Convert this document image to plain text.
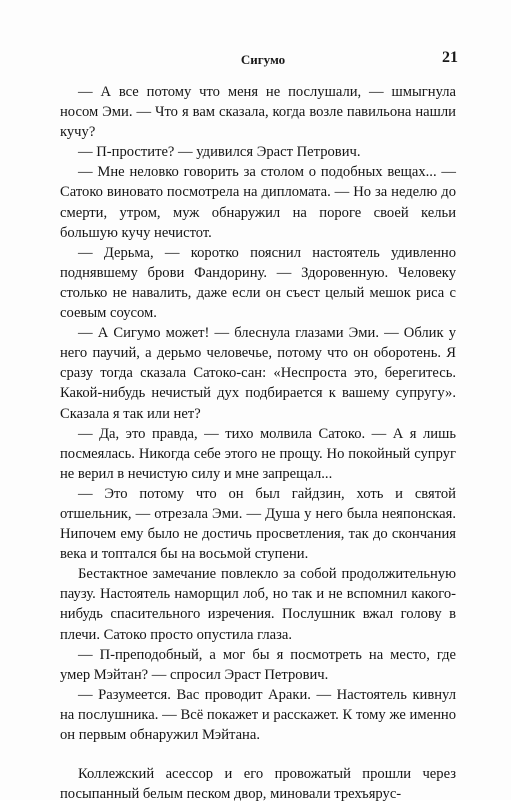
Сигумо	21

— А все потому что меня не послушали, — шмыгнула носом Эми. — Что я вам сказала, когда возле павильона нашли кучу?

— П-простите? — удивился Эраст Петрович.

— Мне неловко говорить за столом о подобных вещах... — Сатоко виновато посмотрела на дипломата. — Но за неделю до смерти, утром, муж обнаружил на пороге своей кельи большую кучу нечистот.

— Дерьма, — коротко пояснил настоятель удивленно поднявшему брови Фандорину. — Здоровенную. Человеку столько не навалить, даже если он съест целый мешок риса с соевым соусом.

— А Сигумо может! — блеснула глазами Эми. — Облик у него паучий, а дерьмо человечье, потому что он оборотень. Я сразу тогда сказала Сатоко-сан: «Неспроста это, берегитесь. Какой-нибудь нечистый дух подбирается к вашему супругу». Сказала я так или нет?

— Да, это правда, — тихо молвила Сатоко. — А я лишь посмеялась. Никогда себе этого не прощу. Но покойный супруг не верил в нечистую силу и мне запрещал...

— Это потому что он был гайдзин, хоть и святой отшельник, — отрезала Эми. — Душа у него была неяпонская. Нипочем ему было не достичь просветления, так до скончания века и топтался бы на восьмой ступени.

Бестактное замечание повлекло за собой продолжительную паузу. Настоятель наморщил лоб, но так и не вспомнил какого-нибудь спасительного изречения. Послушник вжал голову в плечи. Сатоко просто опустила глаза.

— П-преподобный, а мог бы я посмотреть на место, где умер Мэйтан? — спросил Эраст Петрович.

— Разумеется. Вас проводит Араки. — Настоятель кивнул на послушника. — Всё покажет и расскажет. К тому же именно он первым обнаружил Мэйтана.

Коллежский асессор и его провожатый прошли через посыпанный белым песком двор, миновали трехъярус-
